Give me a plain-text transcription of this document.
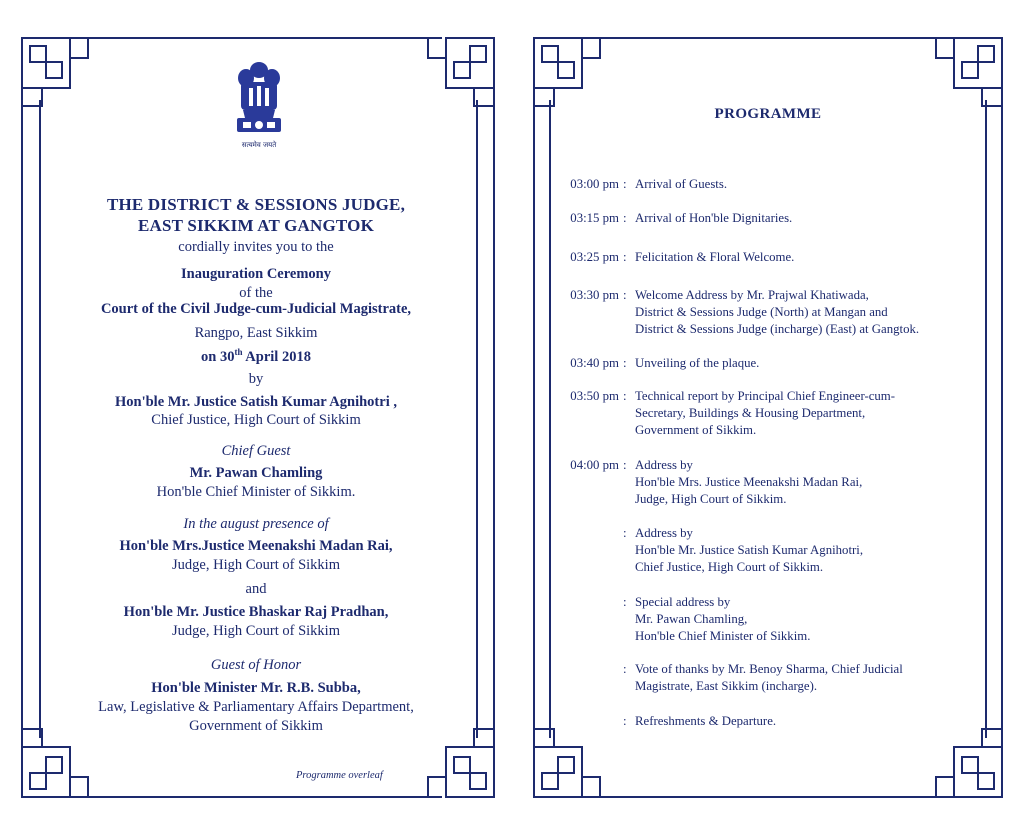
सत्यमेव जयते
THE DISTRICT & SESSIONS JUDGE,
EAST SIKKIM AT GANGTOK
cordially invites you to the
Inauguration Ceremony
of the
Court of the Civil Judge-cum-Judicial Magistrate,
Rangpo, East Sikkim
on 30th April 2018
by
Hon'ble Mr. Justice Satish Kumar Agnihotri ,
Chief Justice, High Court of Sikkim
Chief Guest
Mr. Pawan Chamling
Hon'ble Chief Minister of Sikkim.
In the august presence of
Hon'ble Mrs.Justice Meenakshi Madan Rai,
Judge, High Court of Sikkim
and
Hon'ble Mr. Justice Bhaskar Raj Pradhan,
Judge, High Court of Sikkim
Guest of Honor
Hon'ble Minister Mr. R.B. Subba,
Law, Legislative & Parliamentary Affairs Department,
Government of Sikkim
Programme overleaf
PROGRAMME
03:00 pm : Arrival of Guests.
03:15 pm : Arrival of Hon'ble Dignitaries.
03:25 pm : Felicitation & Floral Welcome.
03:30 pm : Welcome Address by Mr. Prajwal Khatiwada,
District & Sessions Judge (North) at Mangan and
District & Sessions Judge (incharge) (East) at Gangtok.
03:40 pm : Unveiling of the plaque.
03:50 pm : Technical report by Principal Chief Engineer-cum-
Secretary, Buildings & Housing Department,
Government of Sikkim.
04:00 pm : Address by
Hon'ble Mrs. Justice Meenakshi Madan Rai,
Judge, High Court of Sikkim.
: Address by
Hon'ble Mr. Justice Satish Kumar Agnihotri,
Chief Justice, High Court of Sikkim.
: Special address by
Mr. Pawan Chamling,
Hon'ble Chief Minister of Sikkim.
: Vote of thanks by Mr. Benoy Sharma, Chief Judicial
Magistrate, East Sikkim (incharge).
: Refreshments & Departure.
